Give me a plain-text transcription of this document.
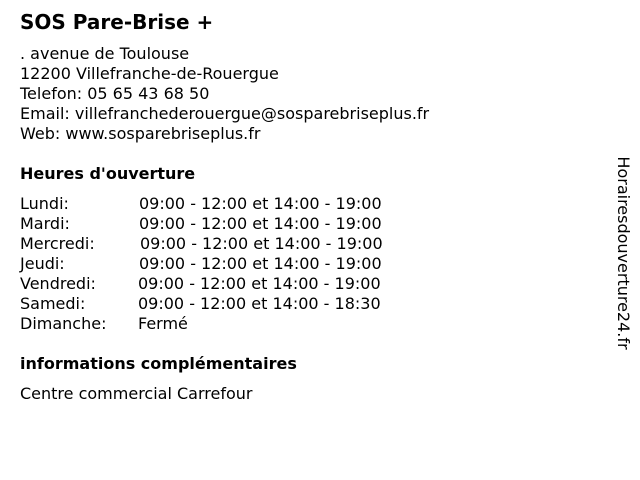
SOS Pare-Brise +
. avenue de Toulouse
12200 Villefranche-de-Rouergue
Telefon: 05 65 43 68 50
Email: villefranchederouergue@sosparebriseplus.fr
Web: www.sosparebriseplus.fr
Heures d'ouverture
Lundi:	09:00 - 12:00 et 14:00 - 19:00
Mardi:	09:00 - 12:00 et 14:00 - 19:00
Mercredi:	09:00 - 12:00 et 14:00 - 19:00
Jeudi:	09:00 - 12:00 et 14:00 - 19:00
Vendredi:	09:00 - 12:00 et 14:00 - 19:00
Samedi:	09:00 - 12:00 et 14:00 - 18:30
Dimanche: Fermé
informations complémentaires
Centre commercial Carrefour
Horairesdouverture24.fr
